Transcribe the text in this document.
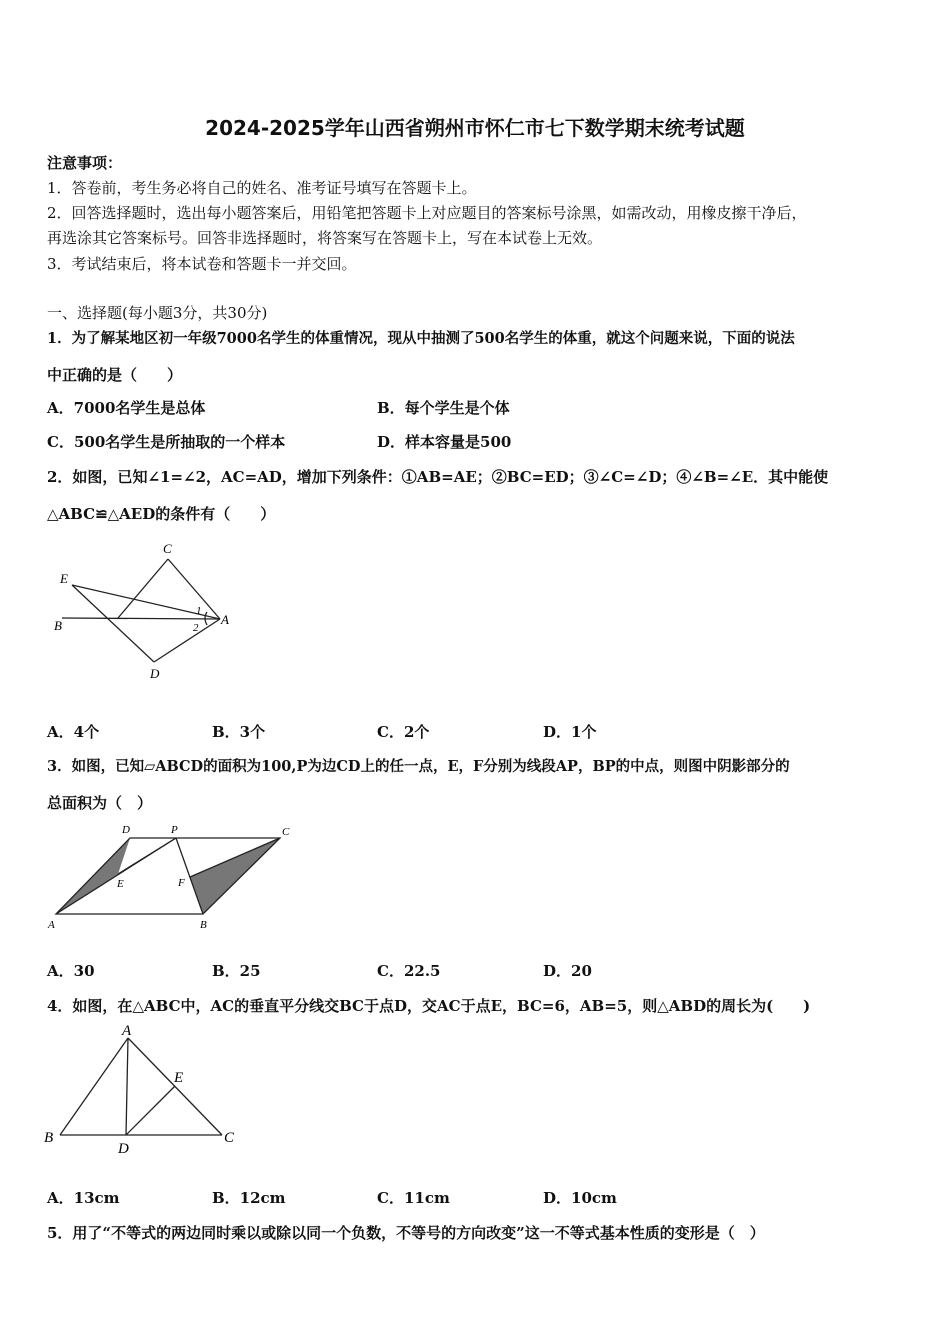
2024-2025学年山西省朔州市怀仁市七下数学期末统考试题
注意事项：
1．答卷前，考生务必将自己的姓名、准考证号填写在答题卡上。
2．回答选择题时，选出每小题答案后，用铅笔把答题卡上对应题目的答案标号涂黑，如需改动，用橡皮擦干净后，
再选涂其它答案标号。回答非选择题时，将答案写在答题卡上，写在本试卷上无效。
3．考试结束后，将本试卷和答题卡一并交回。
一、选择题(每小题3分，共30分)
1．为了解某地区初一年级7000名学生的体重情况，现从中抽测了500名学生的体重，就这个问题来说，下面的说法
中正确的是（　　）
A．7000名学生是总体	B．每个学生是个体
C．500名学生是所抽取的一个样本	D．样本容量是500
2．如图，已知∠1=∠2，AC=AD，增加下列条件：①AB=AE；②BC=ED；③∠C=∠D；④∠B=∠E．其中能使
△ABC≌△AED的条件有（　　）
C
E
B	A
D
1
2
A．4个	B．3个	C．2个	D．1个
3．如图，已知▱ABCD的面积为100,P为边CD上的任一点，E，F分别为线段AP，BP的中点，则图中阴影部分的
总面积为（　）
D	P	C
E	F
A	B
A．30	B．25	C．22.5	D．20
4．如图，在△ABC中，AC的垂直平分线交BC于点D，交AC于点E，BC=6，AB=5，则△ABD的周长为(　　)
A
E
B
D
C
A．13cm	B．12cm	C．11cm	D．10cm
5．用了“不等式的两边同时乘以或除以同一个负数，不等号的方向改变”这一不等式基本性质的变形是（　）
